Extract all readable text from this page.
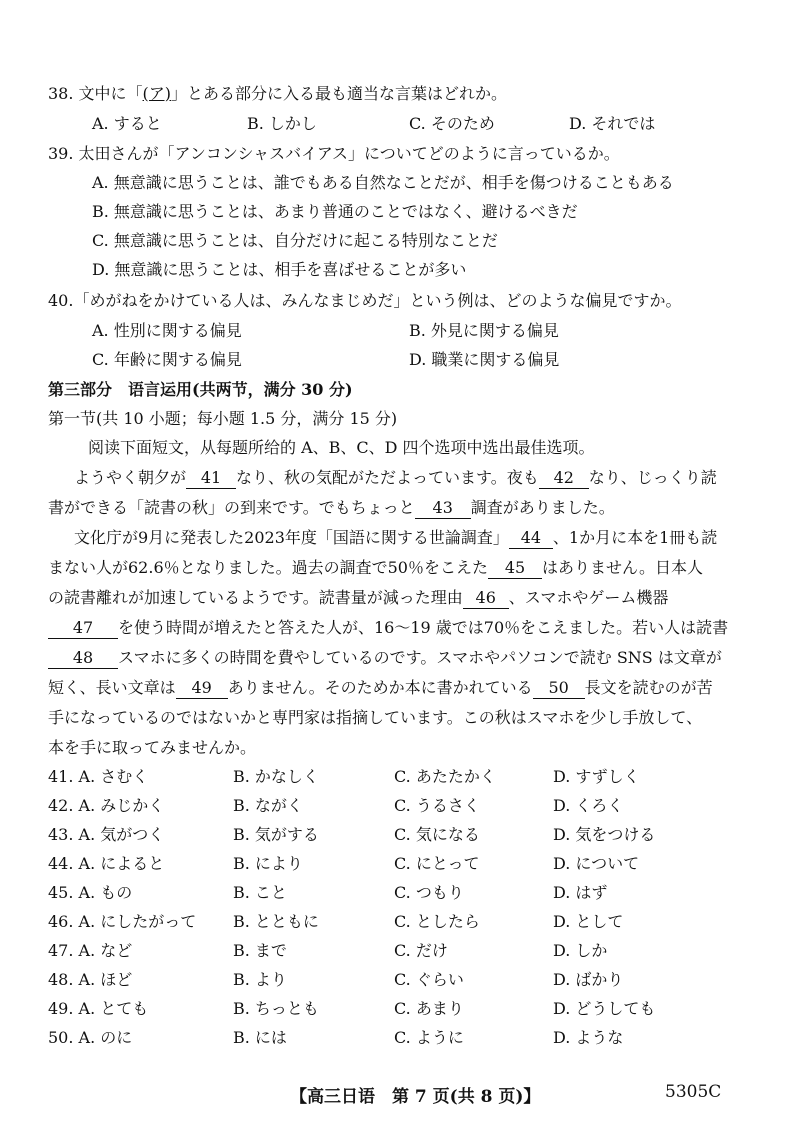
38. 文中に「(ア)」とある部分に入る最も適当な言葉はどれか。
A. すると	B. しかし	C. そのため	D. それでは
39. 太田さんが「アンコンシャスバイアス」についてどのように言っているか。
A. 無意識に思うことは、誰でもある自然なことだが、相手を傷つけることもある
B. 無意識に思うことは、あまり普通のことではなく、避けるべきだ
C. 無意識に思うことは、自分だけに起こる特別なことだ
D. 無意識に思うことは、相手を喜ばせることが多い
40.「めがねをかけている人は、みんなまじめだ」という例は、どのような偏見ですか。
A. 性別に関する偏見	B. 外見に関する偏見
C. 年齢に関する偏見	D. 職業に関する偏見
第三部分　语言运用(共两节，满分 30 分)
第一节(共 10 小题；每小题 1.5 分，满分 15 分)
阅读下面短文，从每题所给的 A、B、C、D 四个选项中选出最佳选项。
ようやく朝夕が 41 なり、秋の気配がただよっています。夜も 42 なり、じっくり読
書ができる「読書の秋」の到来です。でもちょっと 43 調査がありました。
文化庁が9月に発表した2023年度「国語に関する世論調査」 44 、1か月に本を1冊も読
まない人が62.6％となりました。過去の調査で50％をこえた 45 はありません。日本人
の読書離れが加速しているようです。読書量が減った理由 46 、スマホやゲーム機器
47 を使う時間が増えたと答えた人が、16～19 歳では70％をこえました。若い人は読書
48 スマホに多くの時間を費やしているのです。スマホやパソコンで読む SNS は文章が
短く、長い文章は 49 ありません。そのためか本に書かれている 50 長文を読むのが苦
手になっているのではないかと専門家は指摘しています。この秋はスマホを少し手放して、
本を手に取ってみませんか。
41. A. さむく	B. かなしく	C. あたたかく	D. すずしく
42. A. みじかく	B. ながく	C. うるさく	D. くろく
43. A. 気がつく	B. 気がする	C. 気になる	D. 気をつける
44. A. によると	B. により	C. にとって	D. について
45. A. もの	B. こと	C. つもり	D. はず
46. A. にしたがって B. とともに	C. としたら	D. として
47. A. など	B. まで	C. だけ	D. しか
48. A. ほど	B. より	C. ぐらい	D. ばかり
49. A. とても	B. ちっとも	C. あまり	D. どうしても
50. A. のに	B. には	C. ように	D. ような
【高三日语　第 7 页(共 8 页)】	5305C
